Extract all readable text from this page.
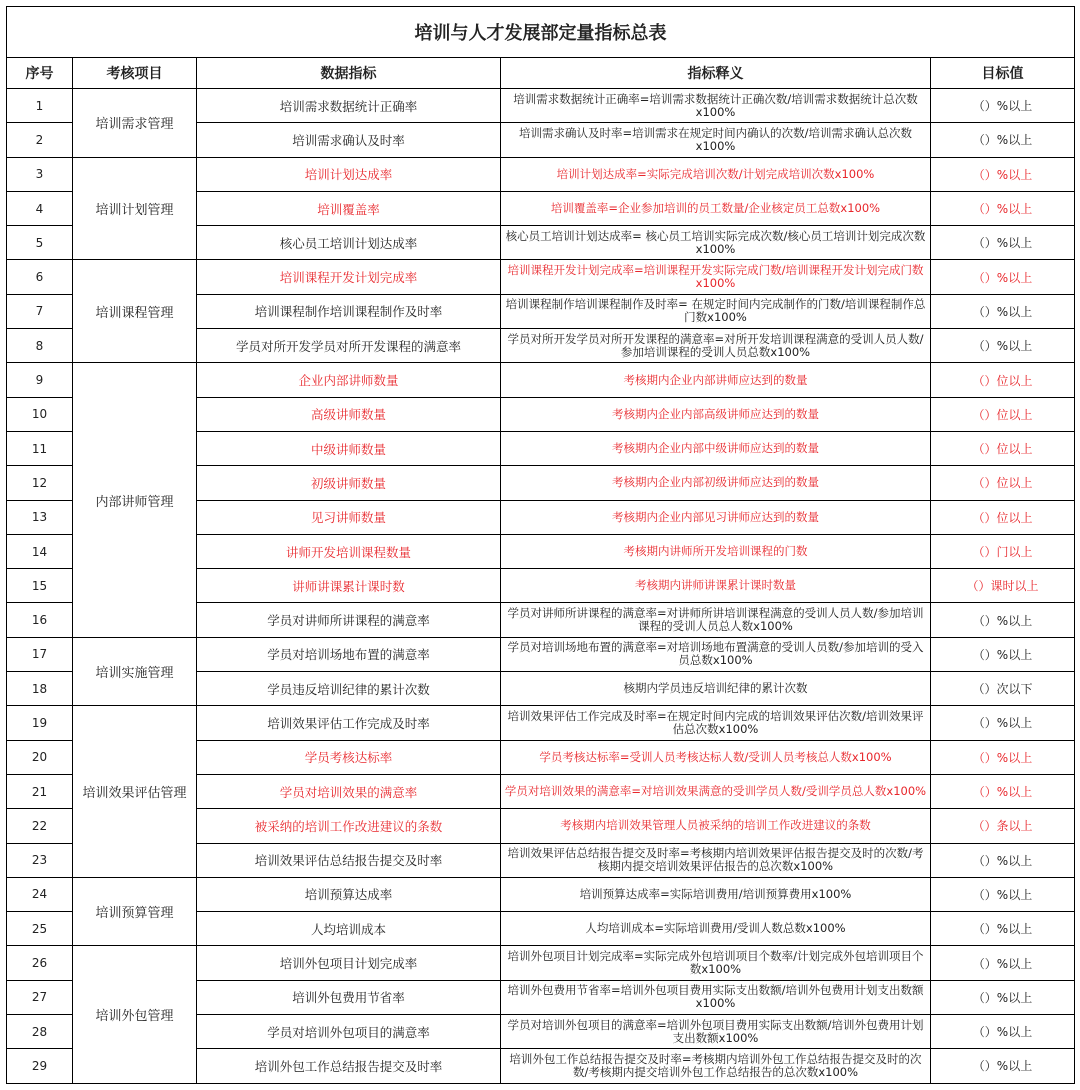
培训与人才发展部定量指标总表				
序号	考核项目	数据指标	指标释义	目标值
1	培训需求管理	培训需求数据统计正确率	培训需求数据统计正确率=培训需求数据统计正确次数/培训需求数据统计总次数x100%	（）%以上
2		培训需求确认及时率	培训需求确认及时率=培训需求在规定时间内确认的次数/培训需求确认总次数x100%	（）%以上
3	培训计划管理	培训计划达成率	培训计划达成率=实际完成培训次数/计划完成培训次数x100%	（）%以上
4		培训覆盖率	培训覆盖率=企业参加培训的员工数量/企业核定员工总数x100%	（）%以上
5		核心员工培训计划达成率	核心员工培训计划达成率= 核心员工培训实际完成次数/核心员工培训计划完成次数x100%	（）%以上
6	培训课程管理	培训课程开发计划完成率	培训课程开发计划完成率=培训课程开发实际完成门数/培训课程开发计划完成门数x100%	（）%以上
7		培训课程制作培训课程制作及时率	培训课程制作培训课程制作及时率= 在规定时间内完成制作的门数/培训课程制作总门数x100%	（）%以上
8		学员对所开发学员对所开发课程的满意率	学员对所开发学员对所开发课程的满意率=对所开发培训课程满意的受训人员人数/参加培训课程的受训人员总数x100%	（）%以上
9	内部讲师管理	企业内部讲师数量	考核期内企业内部讲师应达到的数量	（）位以上
10		高级讲师数量	考核期内企业内部高级讲师应达到的数量	（）位以上
11		中级讲师数量	考核期内企业内部中级讲师应达到的数量	（）位以上
12		初级讲师数量	考核期内企业内部初级讲师应达到的数量	（）位以上
13		见习讲师数量	考核期内企业内部见习讲师应达到的数量	（）位以上
14		讲师开发培训课程数量	考核期内讲师所开发培训课程的门数	（）门以上
15		讲师讲课累计课时数	考核期内讲师讲课累计课时数量	（）课时以上
16		学员对讲师所讲课程的满意率	学员对讲师所讲课程的满意率=对讲师所讲培训课程满意的受训人员人数/参加培训课程的受训人员总人数x100%	（）%以上
17	培训实施管理	学员对培训场地布置的满意率	学员对培训场地布置的满意率=对培训场地布置满意的受训人员数/参加培训的受入员总数x100%	（）%以上
18		学员违反培训纪律的累计次数	核期内学员违反培训纪律的累计次数	（）次以下
19	培训效果评估管理	培训效果评估工作完成及时率	培训效果评估工作完成及时率=在规定时间内完成的培训效果评估次数/培训效果评估总次数x100%	（）%以上
20		学员考核达标率	学员考核达标率=受训人员考核达标人数/受训人员考核总人数x100%	（）%以上
21		学员对培训效果的满意率	学员对培训效果的满意率=对培训效果满意的受训学员人数/受训学员总人数x100%	（）%以上
22		被采纳的培训工作改进建议的条数	考核期内培训效果管理人员被采纳的培训工作改进建议的条数	（）条以上
23		培训效果评估总结报告提交及时率	培训效果评估总结报告提交及时率=考核期内培训效果评估报告提交及时的次数/考核期内提交培训效果评估报告的总次数x100%	（）%以上
24	培训预算管理	培训预算达成率	培训预算达成率=实际培训费用/培训预算费用x100%	（）%以上
25		人均培训成本	人均培训成本=实际培训费用/受训人数总数x100%	（）%以上
26	培训外包管理	培训外包项目计划完成率	培训外包项目计划完成率=实际完成外包培训项目个数率/计划完成外包培训项目个数x100%	（）%以上
27		培训外包费用节省率	培训外包费用节省率=培训外包项目费用实际支出数额/培训外包费用计划支出数额x100%	（）%以上
28		学员对培训外包项目的满意率	学员对培训外包项目的满意率=培训外包项目费用实际支出数额/培训外包费用计划支出数额x100%	（）%以上
29		培训外包工作总结报告提交及时率	培训外包工作总结报告提交及时率=考核期内培训外包工作总结报告提交及时的次数/考核期内提交培训外包工作总结报告的总次数x100%	（）%以上
